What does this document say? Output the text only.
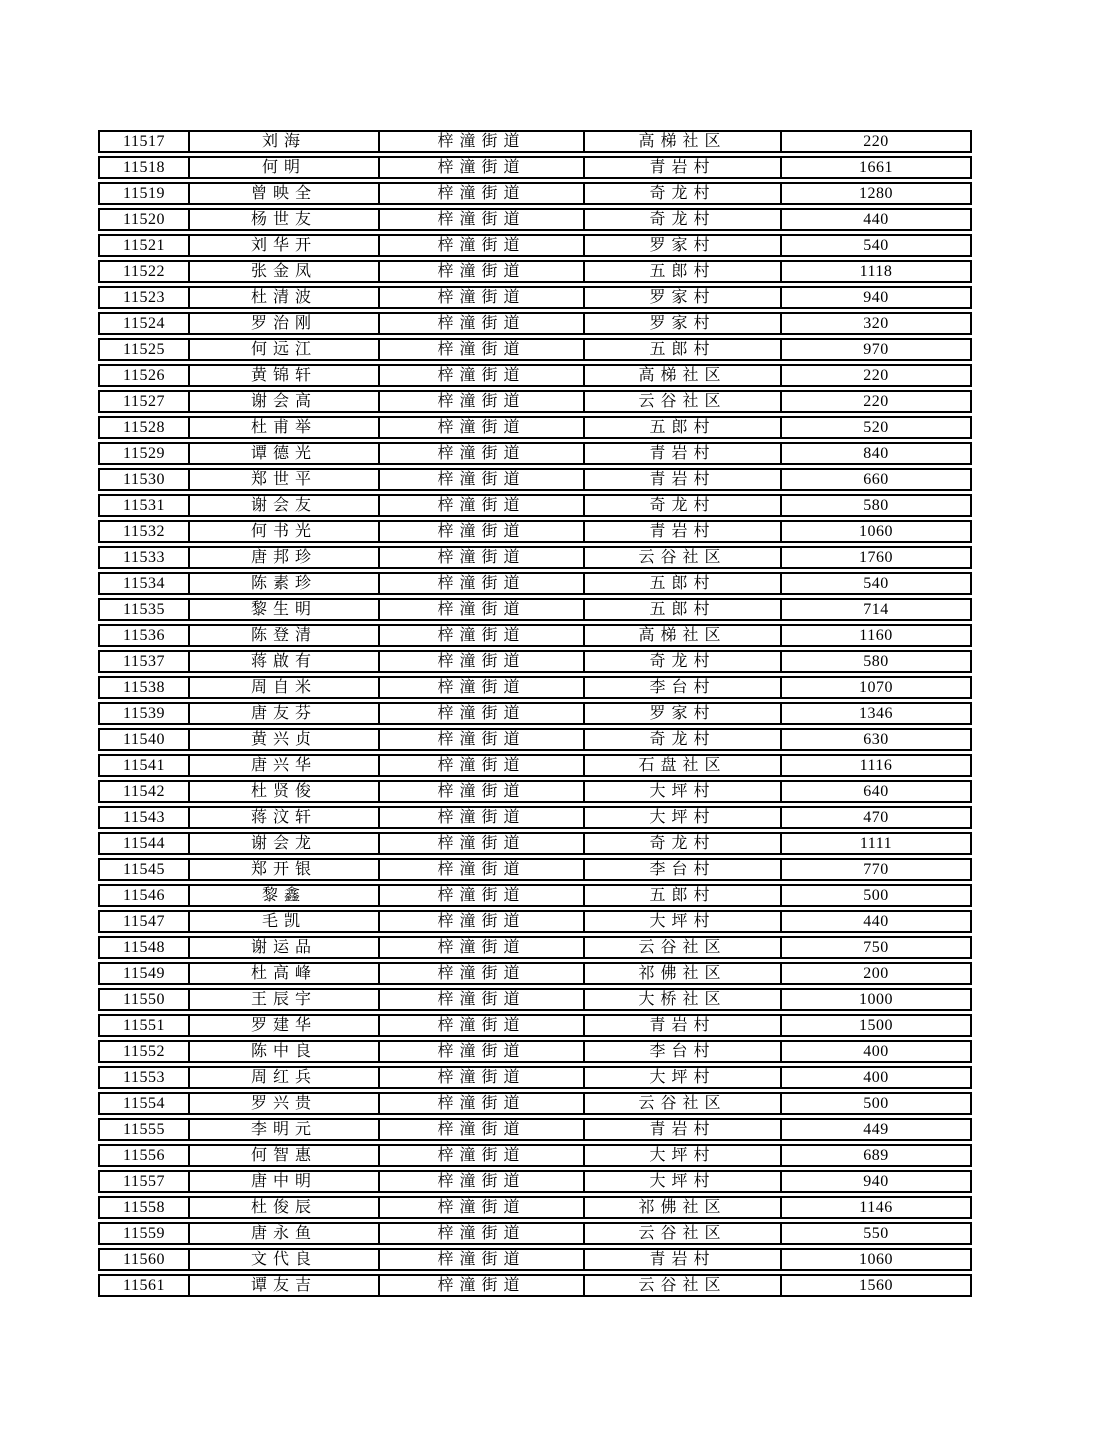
11517	刘海	梓潼街道	高梯社区	220
11518	何明	梓潼街道	青岩村	1661
11519	曾映全	梓潼街道	奇龙村	1280
11520	杨世友	梓潼街道	奇龙村	440
11521	刘华开	梓潼街道	罗家村	540
11522	张金凤	梓潼街道	五郎村	1118
11523	杜清波	梓潼街道	罗家村	940
11524	罗治刚	梓潼街道	罗家村	320
11525	何远江	梓潼街道	五郎村	970
11526	黄锦轩	梓潼街道	高梯社区	220
11527	谢会高	梓潼街道	云谷社区	220
11528	杜甫举	梓潼街道	五郎村	520
11529	谭德光	梓潼街道	青岩村	840
11530	郑世平	梓潼街道	青岩村	660
11531	谢会友	梓潼街道	奇龙村	580
11532	何书光	梓潼街道	青岩村	1060
11533	唐邦珍	梓潼街道	云谷社区	1760
11534	陈素珍	梓潼街道	五郎村	540
11535	黎生明	梓潼街道	五郎村	714
11536	陈登清	梓潼街道	高梯社区	1160
11537	蒋啟有	梓潼街道	奇龙村	580
11538	周自米	梓潼街道	李台村	1070
11539	唐友芬	梓潼街道	罗家村	1346
11540	黄兴贞	梓潼街道	奇龙村	630
11541	唐兴华	梓潼街道	石盘社区	1116
11542	杜贤俊	梓潼街道	大坪村	640
11543	蒋汶轩	梓潼街道	大坪村	470
11544	谢会龙	梓潼街道	奇龙村	1111
11545	郑开银	梓潼街道	李台村	770
11546	黎鑫	梓潼街道	五郎村	500
11547	毛凯	梓潼街道	大坪村	440
11548	谢运品	梓潼街道	云谷社区	750
11549	杜高峰	梓潼街道	祁佛社区	200
11550	王辰宇	梓潼街道	大桥社区	1000
11551	罗建华	梓潼街道	青岩村	1500
11552	陈中良	梓潼街道	李台村	400
11553	周红兵	梓潼街道	大坪村	400
11554	罗兴贵	梓潼街道	云谷社区	500
11555	李明元	梓潼街道	青岩村	449
11556	何智惠	梓潼街道	大坪村	689
11557	唐中明	梓潼街道	大坪村	940
11558	杜俊辰	梓潼街道	祁佛社区	1146
11559	唐永鱼	梓潼街道	云谷社区	550
11560	文代良	梓潼街道	青岩村	1060
11561	谭友吉	梓潼街道	云谷社区	1560
